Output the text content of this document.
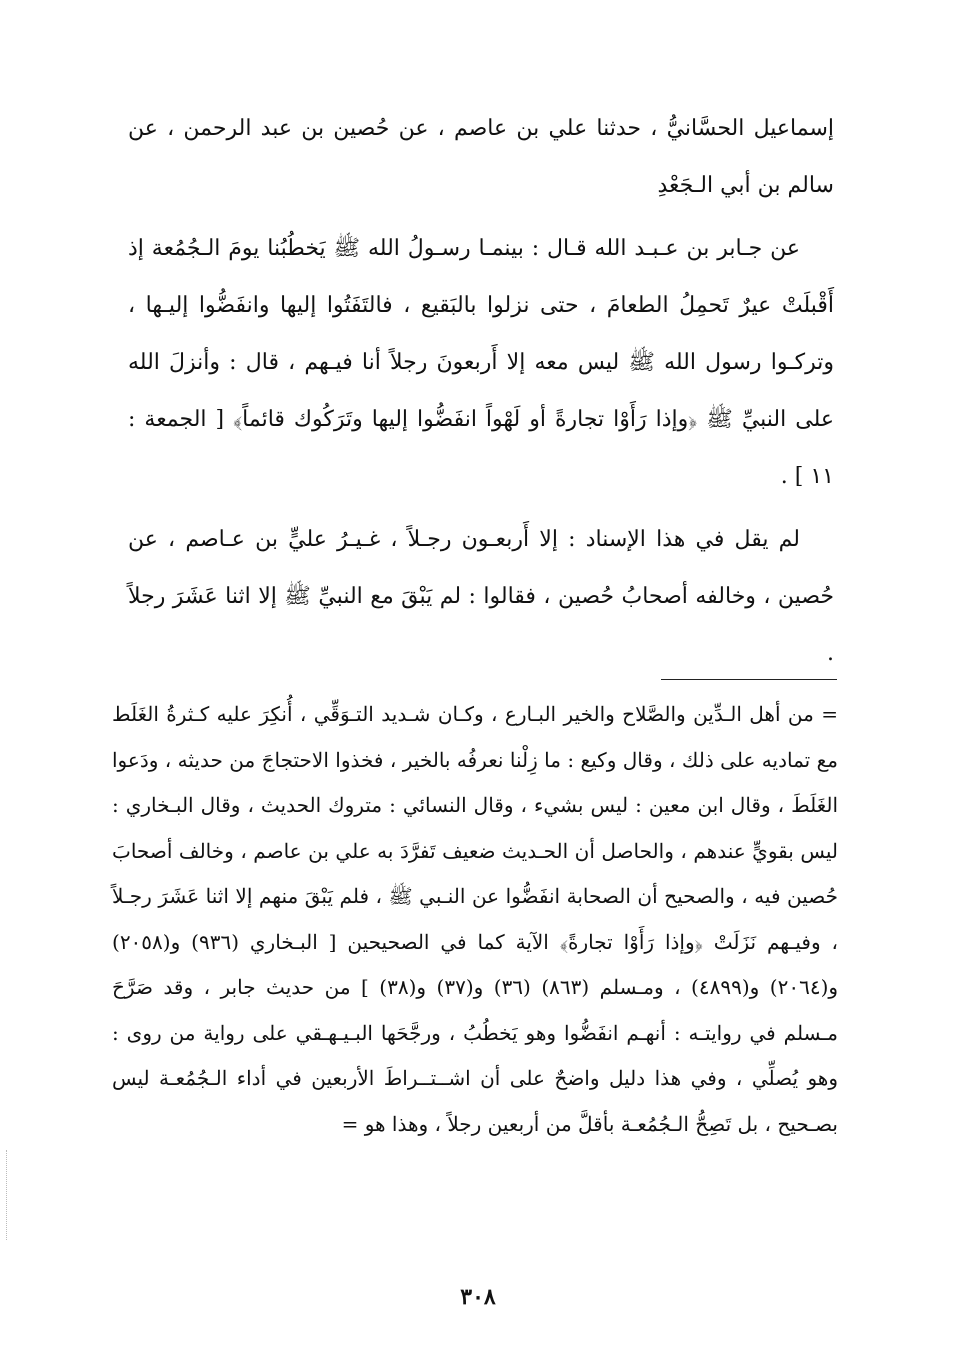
إسماعيل الحسَّانيُّ ، حدثنا علي بن عاصم ، عن حُصين بن عبد الرحمن ، عن سالم بن أبي الـجَعْدِ

عن جـابر بن عـبـد الله قـال : بينمـا رسـولُ الله ﷺ يَخطُبُنا يومَ الـجُمُعة إذ أَقْبلَتْ عيرٌ تَحمِلُ الطعامَ ، حتى نزلوا بالبَقيع ، فالتَفَتُوا إليها وانفَضُّوا إليـها ، وتركـوا رسول الله ﷺ ليس معه إلا أَربعونَ رجلاً أنا فيـهم ، قال : وأنزلَ الله على النبيِّ ﷺ ﴿وإذا رَأَوْا تجارةً أو لَهْواً انفَضُّوا إليها وتَرَكُوك قائماً﴾ [ الجمعة : ١١ ] .

لم يقل في هذا الإسناد : إلا أَربعـون رجـلاً ، غـيـرُ عليٍّ بن عـاصم ، عن حُصين ، وخالفه أصحابُ حُصين ، فقالوا : لم يَبْقَ مع النبيِّ ﷺ إلا اثنا عَشَرَ رجلاً .

= من أهل الـدِّين والصَّلاح والخير البـارع ، وكـان شـديد التـوَقِّي ، أُنكِرَ عليه كـثرةُ الغَلَط مع تماديه على ذلك ، وقال وكيع : ما زِلْنا نعرفُه بالخير ، فخذوا الاحتجاجَ من حديثه ، ودَعوا الغَلَطَ ، وقال ابن معين : ليس بشيء ، وقال النسائي : متروك الحديث ، وقال البـخاري : ليس بقويٍّ عندهم ، والحاصل أن الحـديث ضعيف تَفرَّدَ به علي بن عاصم ، وخالف أصحابَ حُصين فيه ، والصحيح أن الصحابة انفَضُّوا عن النـبي ﷺ ، فلم يَبْقَ منهم إلا اثنا عَشَرَ رجـلاً ، وفيـهم نَزَلَتْ ﴿وإذا رَأَوْا تجارةً﴾ الآية كما في الصحيحين [ البـخاري (٩٣٦) و(٢٠٥٨) و(٢٠٦٤) و(٤٨٩٩) ، ومـسلم (٨٦٣) (٣٦) و(٣٧) و(٣٨) ] من حديث جابر ، وقد صَرَّحَ مـسلم في روايتـه : أنهـم انفَضُّوا وهو يَخطُبُ ، ورجَّحَها البـيـهـقي على رواية من روى : وهو يُصلِّي ، وفي هذا دليل واضحٌ على أن اشــتــراطَ الأربعين في أداء الـجُمُعـة ليس بصـحيح ، بل تَصِحُّ الـجُمُعـة بأقلَّ من أربعين رجلاً ، وهذا هو =
٣٠٨
